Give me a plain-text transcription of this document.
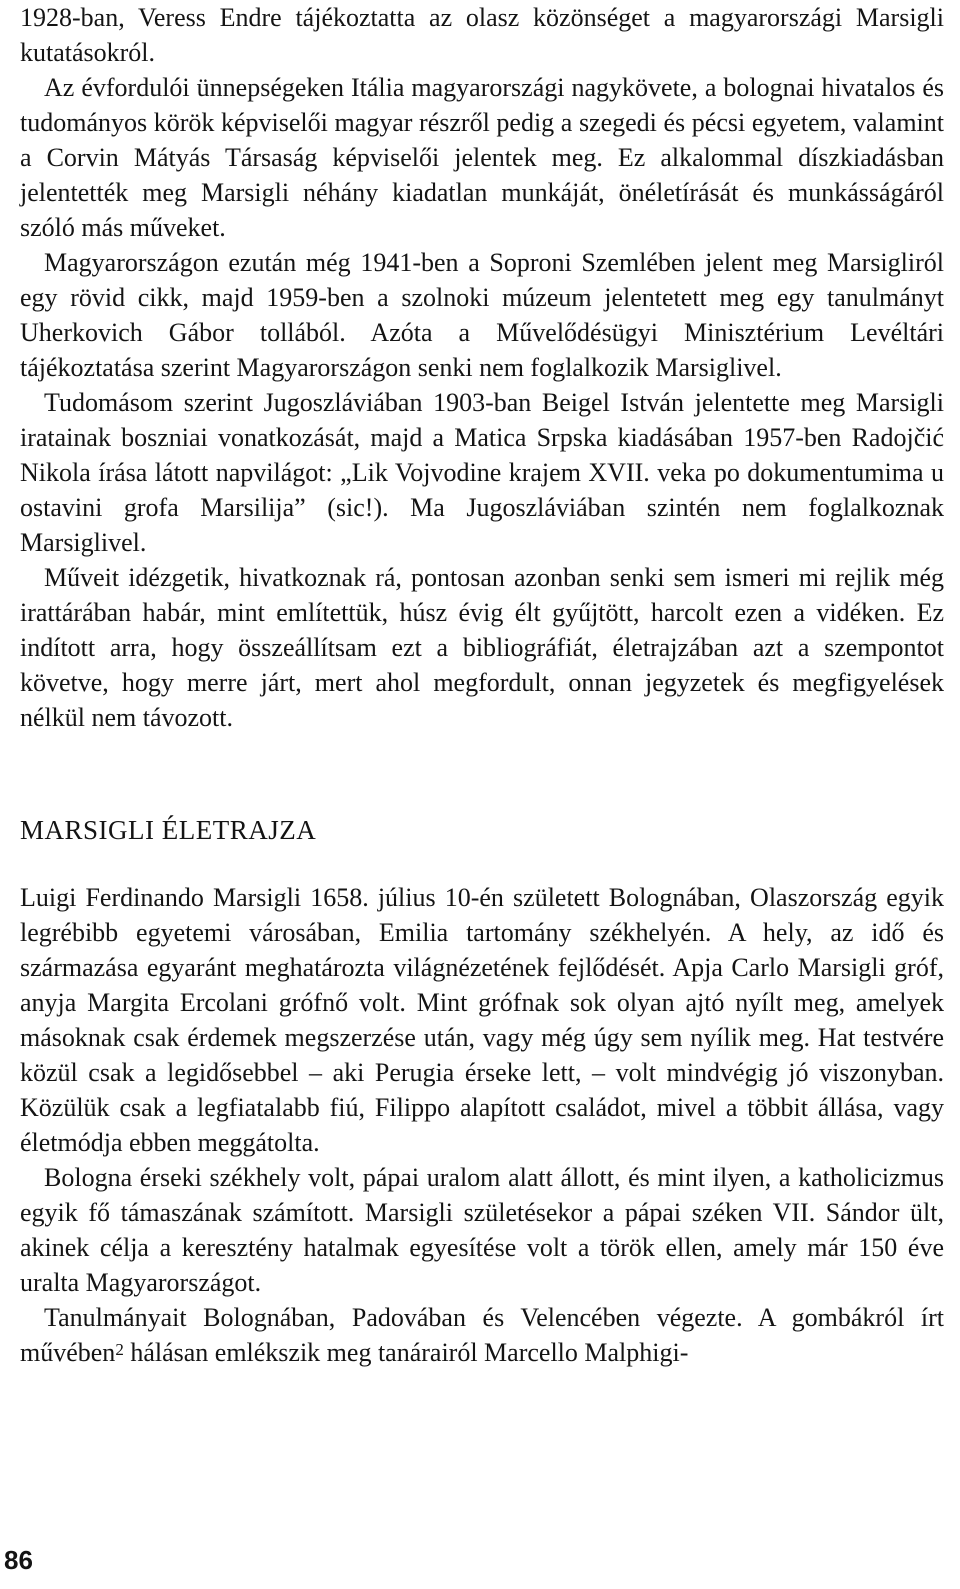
1928-ban, Veress Endre tájékoztatta az olasz közönséget a magyarországi Marsigli kutatásokról.

Az évfordulói ünnepségeken Itália magyarországi nagykövete, a bolognai hivatalos és tudományos körök képviselői magyar részről pedig a szegedi és pécsi egyetem, valamint a Corvin Mátyás Társaság képviselői jelentek meg. Ez alkalommal díszkiadásban jelentették meg Marsigli néhány kiadatlan munkáját, önéletírását és munkásságáról szóló más műveket.

Magyarországon ezután még 1941-ben a Soproni Szemlében jelent meg Marsigliról egy rövid cikk, majd 1959-ben a szolnoki múzeum jelentetett meg egy tanulmányt Uherkovich Gábor tollából. Azóta a Művelődésügyi Minisztérium Levéltári tájékoztatása szerint Magyarországon senki nem foglalkozik Marsiglivel.

Tudomásom szerint Jugoszláviában 1903-ban Beigel István jelentette meg Marsigli iratainak boszniai vonatkozását, majd a Matica Srpska kiadásában 1957-ben Radojčić Nikola írása látott napvilágot: „Lik Vojvodine krajem XVII. veka po dokumentumima u ostavini grofa Marsilija” (sic!). Ma Jugoszláviában szintén nem foglalkoznak Marsiglivel.

Műveit idézgetik, hivatkoznak rá, pontosan azonban senki sem ismeri mi rejlik még irattárában habár, mint említettük, húsz évig élt gyűjtött, harcolt ezen a vidéken. Ez indított arra, hogy összeállítsam ezt a bibliográfiát, életrajzában azt a szempontot követve, hogy merre járt, mert ahol megfordult, onnan jegyzetek és megfigyelések nélkül nem távozott.

MARSIGLI ÉLETRAJZA

Luigi Ferdinando Marsigli 1658. július 10-én született Bolognában, Olaszország egyik legrébibb egyetemi városában, Emilia tartomány székhelyén. A hely, az idő és származása egyaránt meghatározta világnézetének fejlődését. Apja Carlo Marsigli gróf, anyja Margita Ercolani grófnő volt. Mint grófnak sok olyan ajtó nyílt meg, amelyek másoknak csak érdemek megszerzése után, vagy még úgy sem nyílik meg. Hat testvére közül csak a legidősebbel – aki Perugia érseke lett, – volt mindvégig jó viszonyban. Közülük csak a legfiatalabb fiú, Filippo alapított családot, mivel a többit állása, vagy életmódja ebben meggátolta.

Bologna érseki székhely volt, pápai uralom alatt állott, és mint ilyen, a katholicizmus egyik fő támaszának számított. Marsigli születésekor a pápai széken VII. Sándor ült, akinek célja a keresztény hatalmak egyesítése volt a török ellen, amely már 150 éve uralta Magyarországot.

Tanulmányait Bolognában, Padovában és Velencében végezte. A gombákról írt művében$^2$ hálásan emlékszik meg tanárairól Marcello Malphigi-

86
